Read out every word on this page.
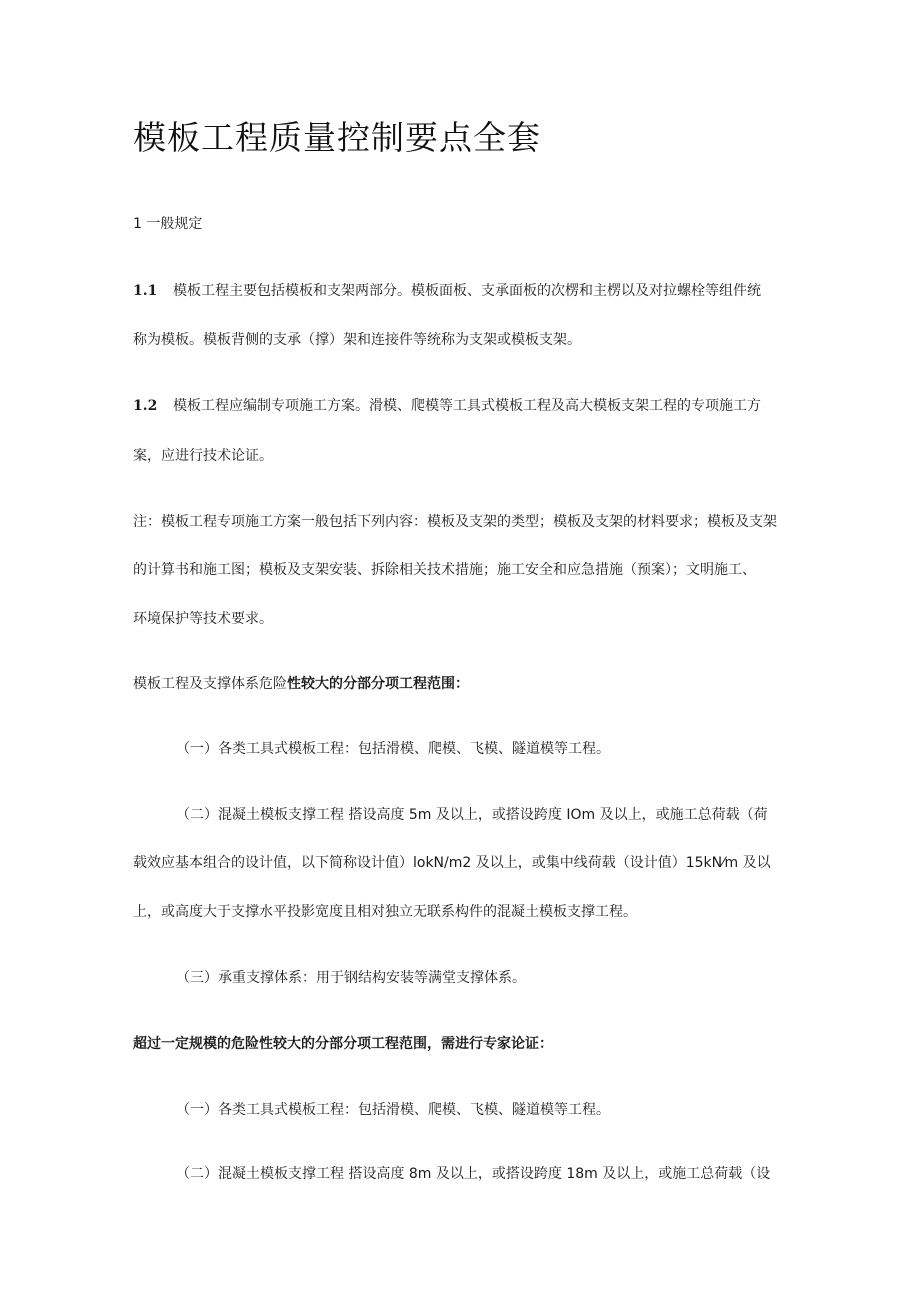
模板工程质量控制要点全套
1 一般规定
1.1 模板工程主要包括模板和支架两部分。模板面板、支承面板的次楞和主楞以及对拉螺栓等组件统
称为模板。模板背侧的支承（撑）架和连接件等统称为支架或模板支架。
1.2 模板工程应编制专项施工方案。滑模、爬模等工具式模板工程及高大模板支架工程的专项施工方
案，应进行技术论证。
注：模板工程专项施工方案一般包括下列内容：模板及支架的类型；模板及支架的材料要求；模板及支架
的计算书和施工图；模板及支架安装、拆除相关技术措施；施工安全和应急措施（预案）；文明施工、
环境保护等技术要求。
模板工程及支撑体系危险性较大的分部分项工程范围：
（一）各类工具式模板工程：包括滑模、爬模、飞模、隧道模等工程。
（二）混凝土模板支撑工程 搭设高度 5m 及以上，或搭设跨度 IOm 及以上，或施工总荷载（荷
载效应基本组合的设计值，以下简称设计值）lokN/m2 及以上，或集中线荷载（设计值）15kN⁄m 及以
上，或高度大于支撑水平投影宽度且相对独立无联系构件的混凝土模板支撑工程。
（三）承重支撑体系：用于钢结构安装等满堂支撑体系。
超过一定规模的危险性较大的分部分项工程范围，需进行专家论证：
（一）各类工具式模板工程：包括滑模、爬模、飞模、隧道模等工程。
（二）混凝土模板支撑工程 搭设高度 8m 及以上，或搭设跨度 18m 及以上，或施工总荷载（设
